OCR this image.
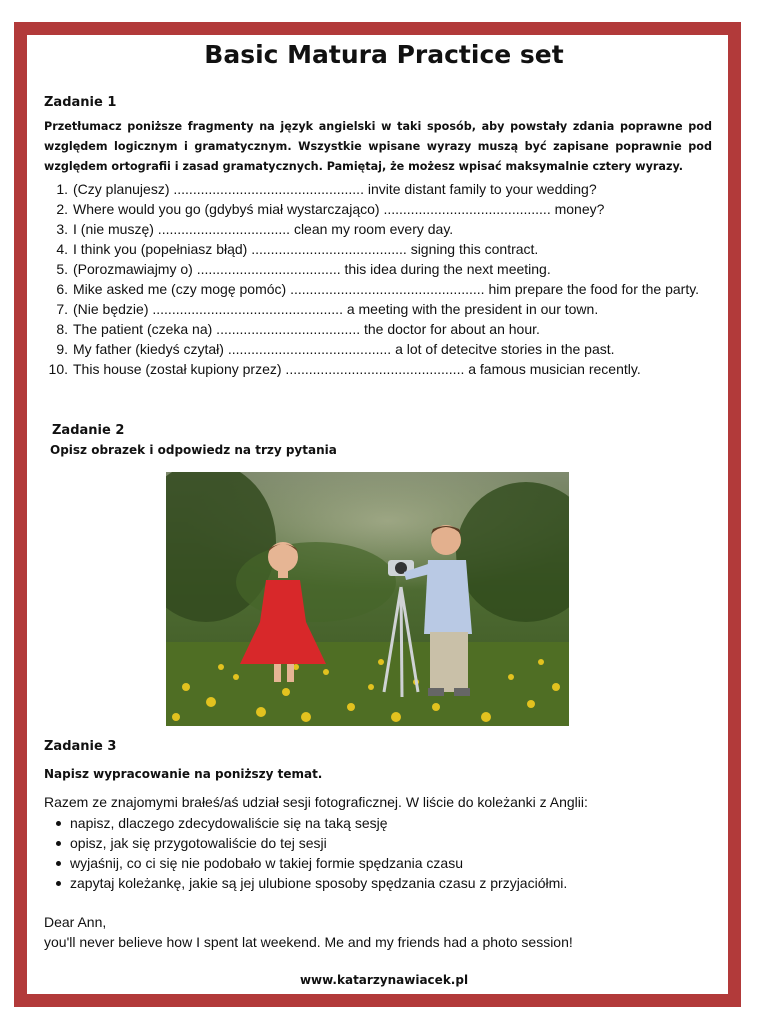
Basic Matura Practice set
Zadanie 1
Przetłumacz poniższe fragmenty na język angielski w taki sposób, aby powstały zdania poprawne pod względem logicznym i gramatycznym. Wszystkie wpisane wyrazy muszą być zapisane poprawnie pod względem ortografii i zasad gramatycznych. Pamiętaj, że możesz wpisać maksymalnie cztery wyrazy.
1. (Czy planujesz) ................................................. invite distant family to your wedding?
2. Where would you go (gdybyś miał wystarczająco) ........................................... money?
3. I (nie muszę) .................................. clean my room every day.
4. I think you (popełniasz błąd) ........................................ signing this contract.
5. (Porozmawiajmy o) ..................................... this idea during the next meeting.
6. Mike asked me (czy mogę pomóc) .................................................. him prepare the food for the party.
7. (Nie będzie) ................................................. a meeting with the president in our town.
8. The patient (czeka na) ..................................... the doctor for about an hour.
9. My father (kiedyś czytał) .......................................... a lot of detecitve stories in the past.
10. This house (został kupiony przez) .............................................. a famous musician recently.
Zadanie 2
Opisz obrazek i odpowiedz na trzy pytania
Zadanie 3
Napisz wypracowanie na poniższy temat.
Razem ze znajomymi brałeś/aś udział sesji fotograficznej. W liście do koleżanki z Anglii:
napisz, dlaczego zdecydowaliście się na taką sesję
opisz, jak się przygotowaliście do tej sesji
wyjaśnij, co ci się nie podobało w takiej formie spędzania czasu
zapytaj koleżankę, jakie są jej ulubione sposoby spędzania czasu z przyjaciółmi.
Dear Ann,
you'll never believe how I spent lat weekend. Me and my friends had a photo session!
www.katarzynawiacek.pl
